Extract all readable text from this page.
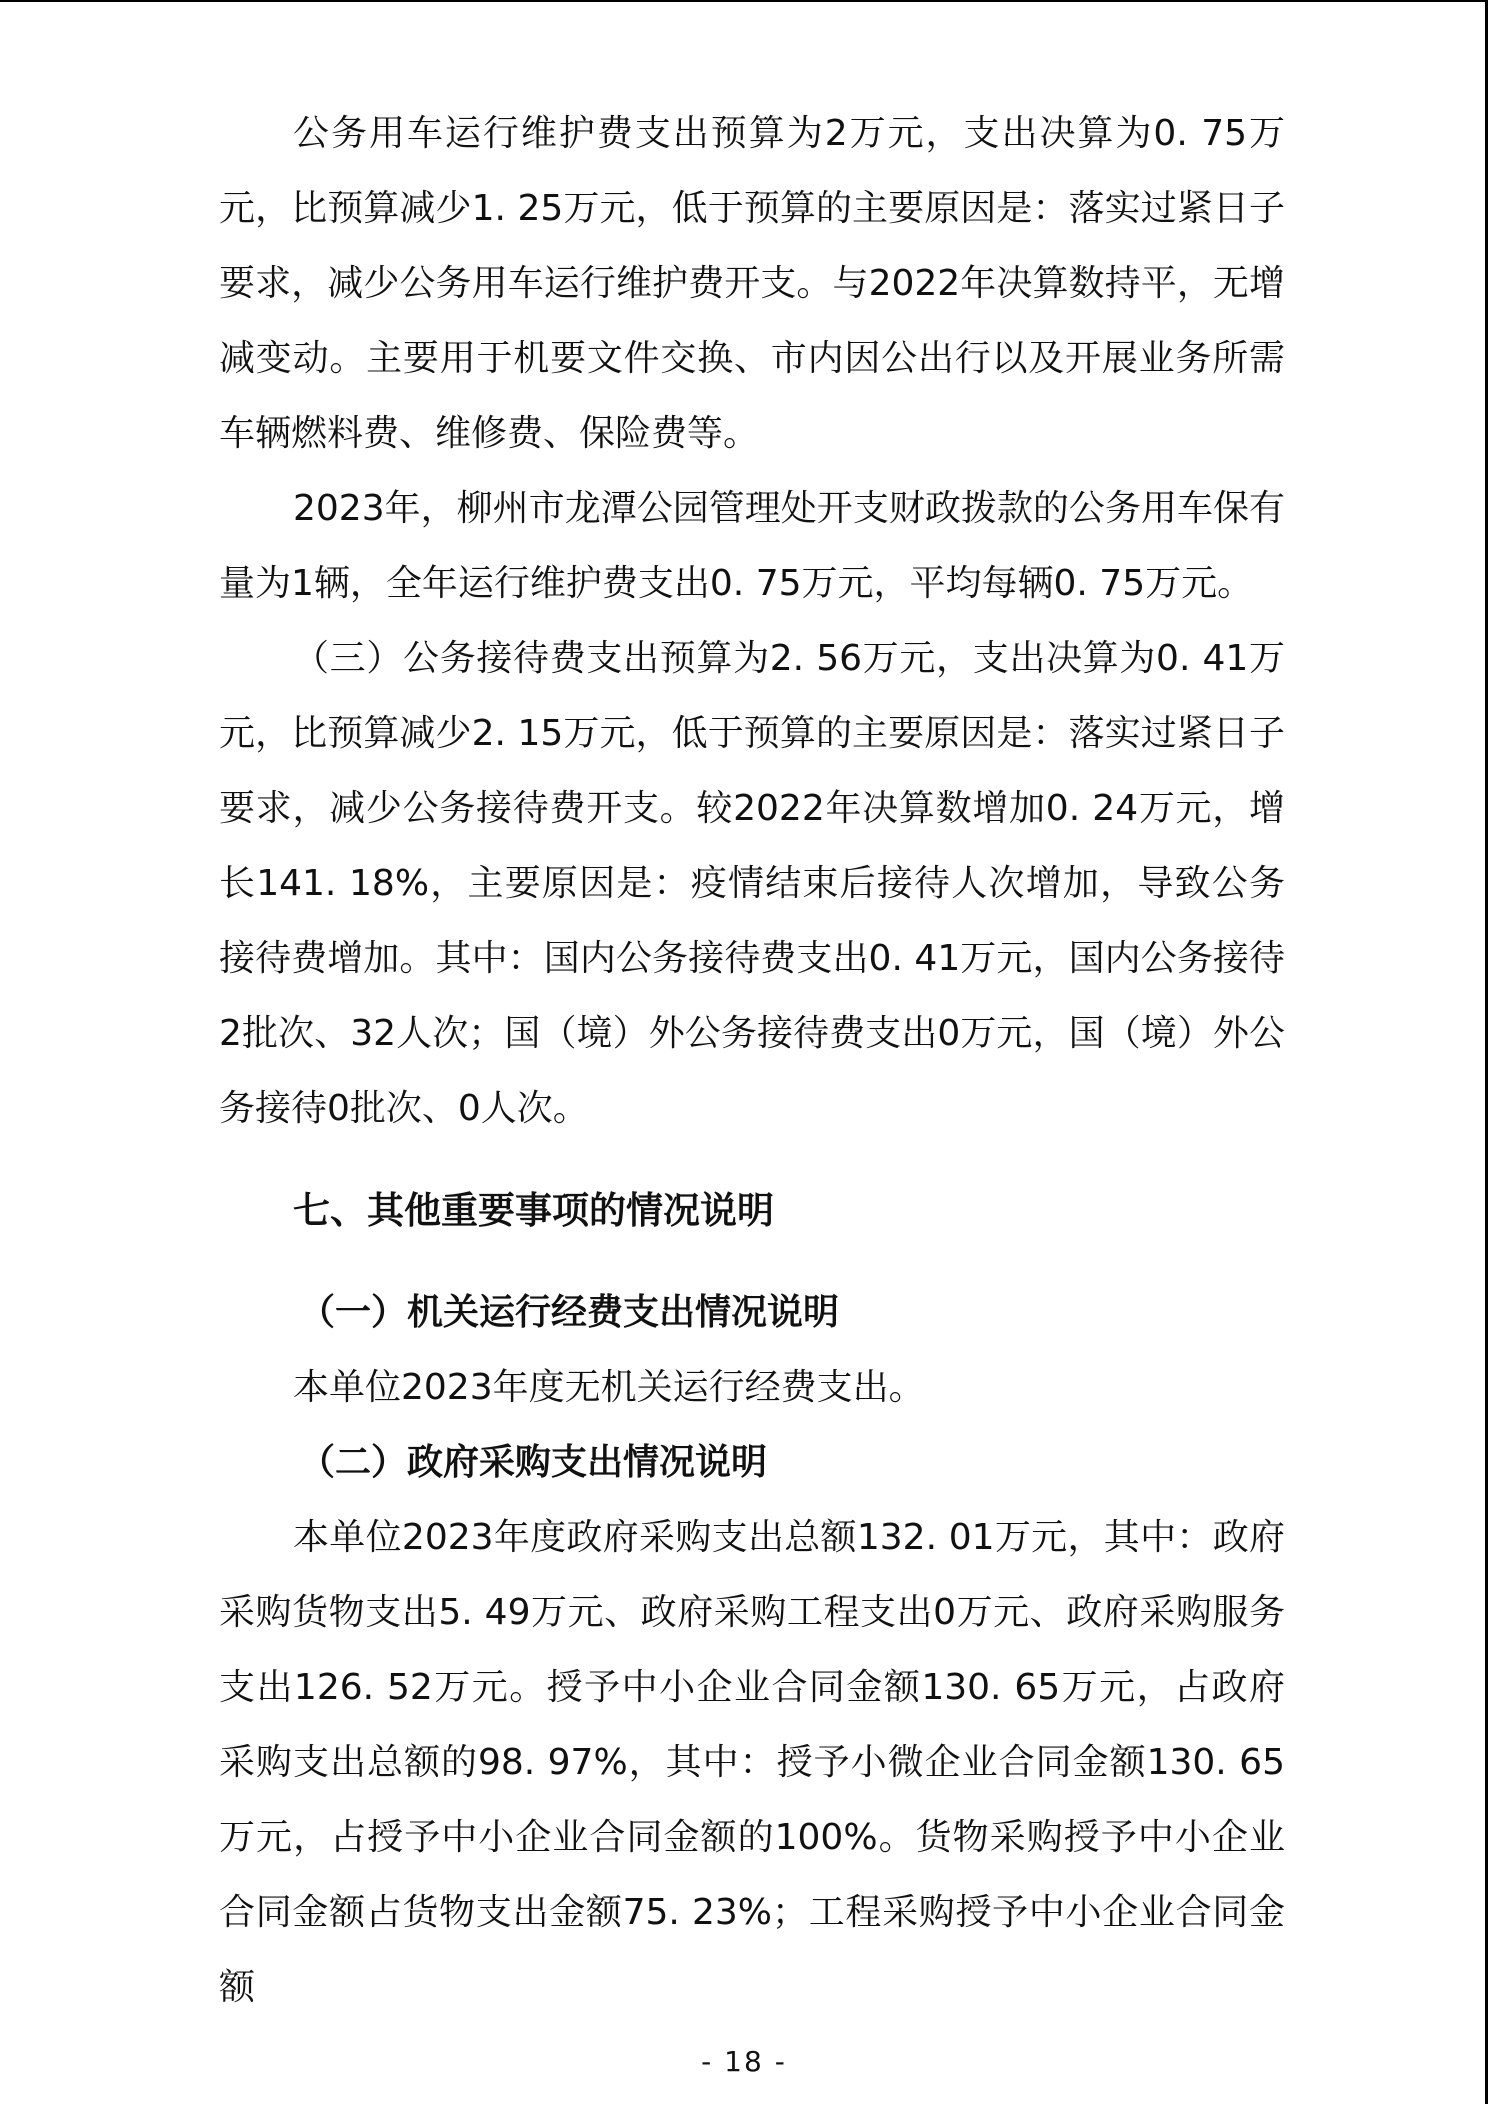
公务用车运行维护费支出预算为2万元，支出决算为0. 75万元，比预算减少1. 25万元，低于预算的主要原因是：落实过紧日子要求，减少公务用车运行维护费开支。与2022年决算数持平，无增减变动。主要用于机要文件交换、市内因公出行以及开展业务所需车辆燃料费、维修费、保险费等。

2023年，柳州市龙潭公园管理处开支财政拨款的公务用车保有量为1辆，全年运行维护费支出0. 75万元，平均每辆0. 75万元。

（三）公务接待费支出预算为2. 56万元，支出决算为0. 41万元，比预算减少2. 15万元，低于预算的主要原因是：落实过紧日子要求，减少公务接待费开支。较2022年决算数增加0. 24万元，增长141. 18%，主要原因是：疫情结束后接待人次增加，导致公务接待费增加。其中：国内公务接待费支出0. 41万元，国内公务接待2批次、32人次；国（境）外公务接待费支出0万元，国（境）外公务接待0批次、0人次。

七、其他重要事项的情况说明
（一）机关运行经费支出情况说明

本单位2023年度无机关运行经费支出。

（二）政府采购支出情况说明

本单位2023年度政府采购支出总额132. 01万元，其中：政府采购货物支出5. 49万元、政府采购工程支出0万元、政府采购服务支出126. 52万元。授予中小企业合同金额130. 65万元，占政府采购支出总额的98. 97%，其中：授予小微企业合同金额130. 65万元，占授予中小企业合同金额的100%。货物采购授予中小企业合同金额占货物支出金额75. 23%；工程采购授予中小企业合同金额

- 18 -
